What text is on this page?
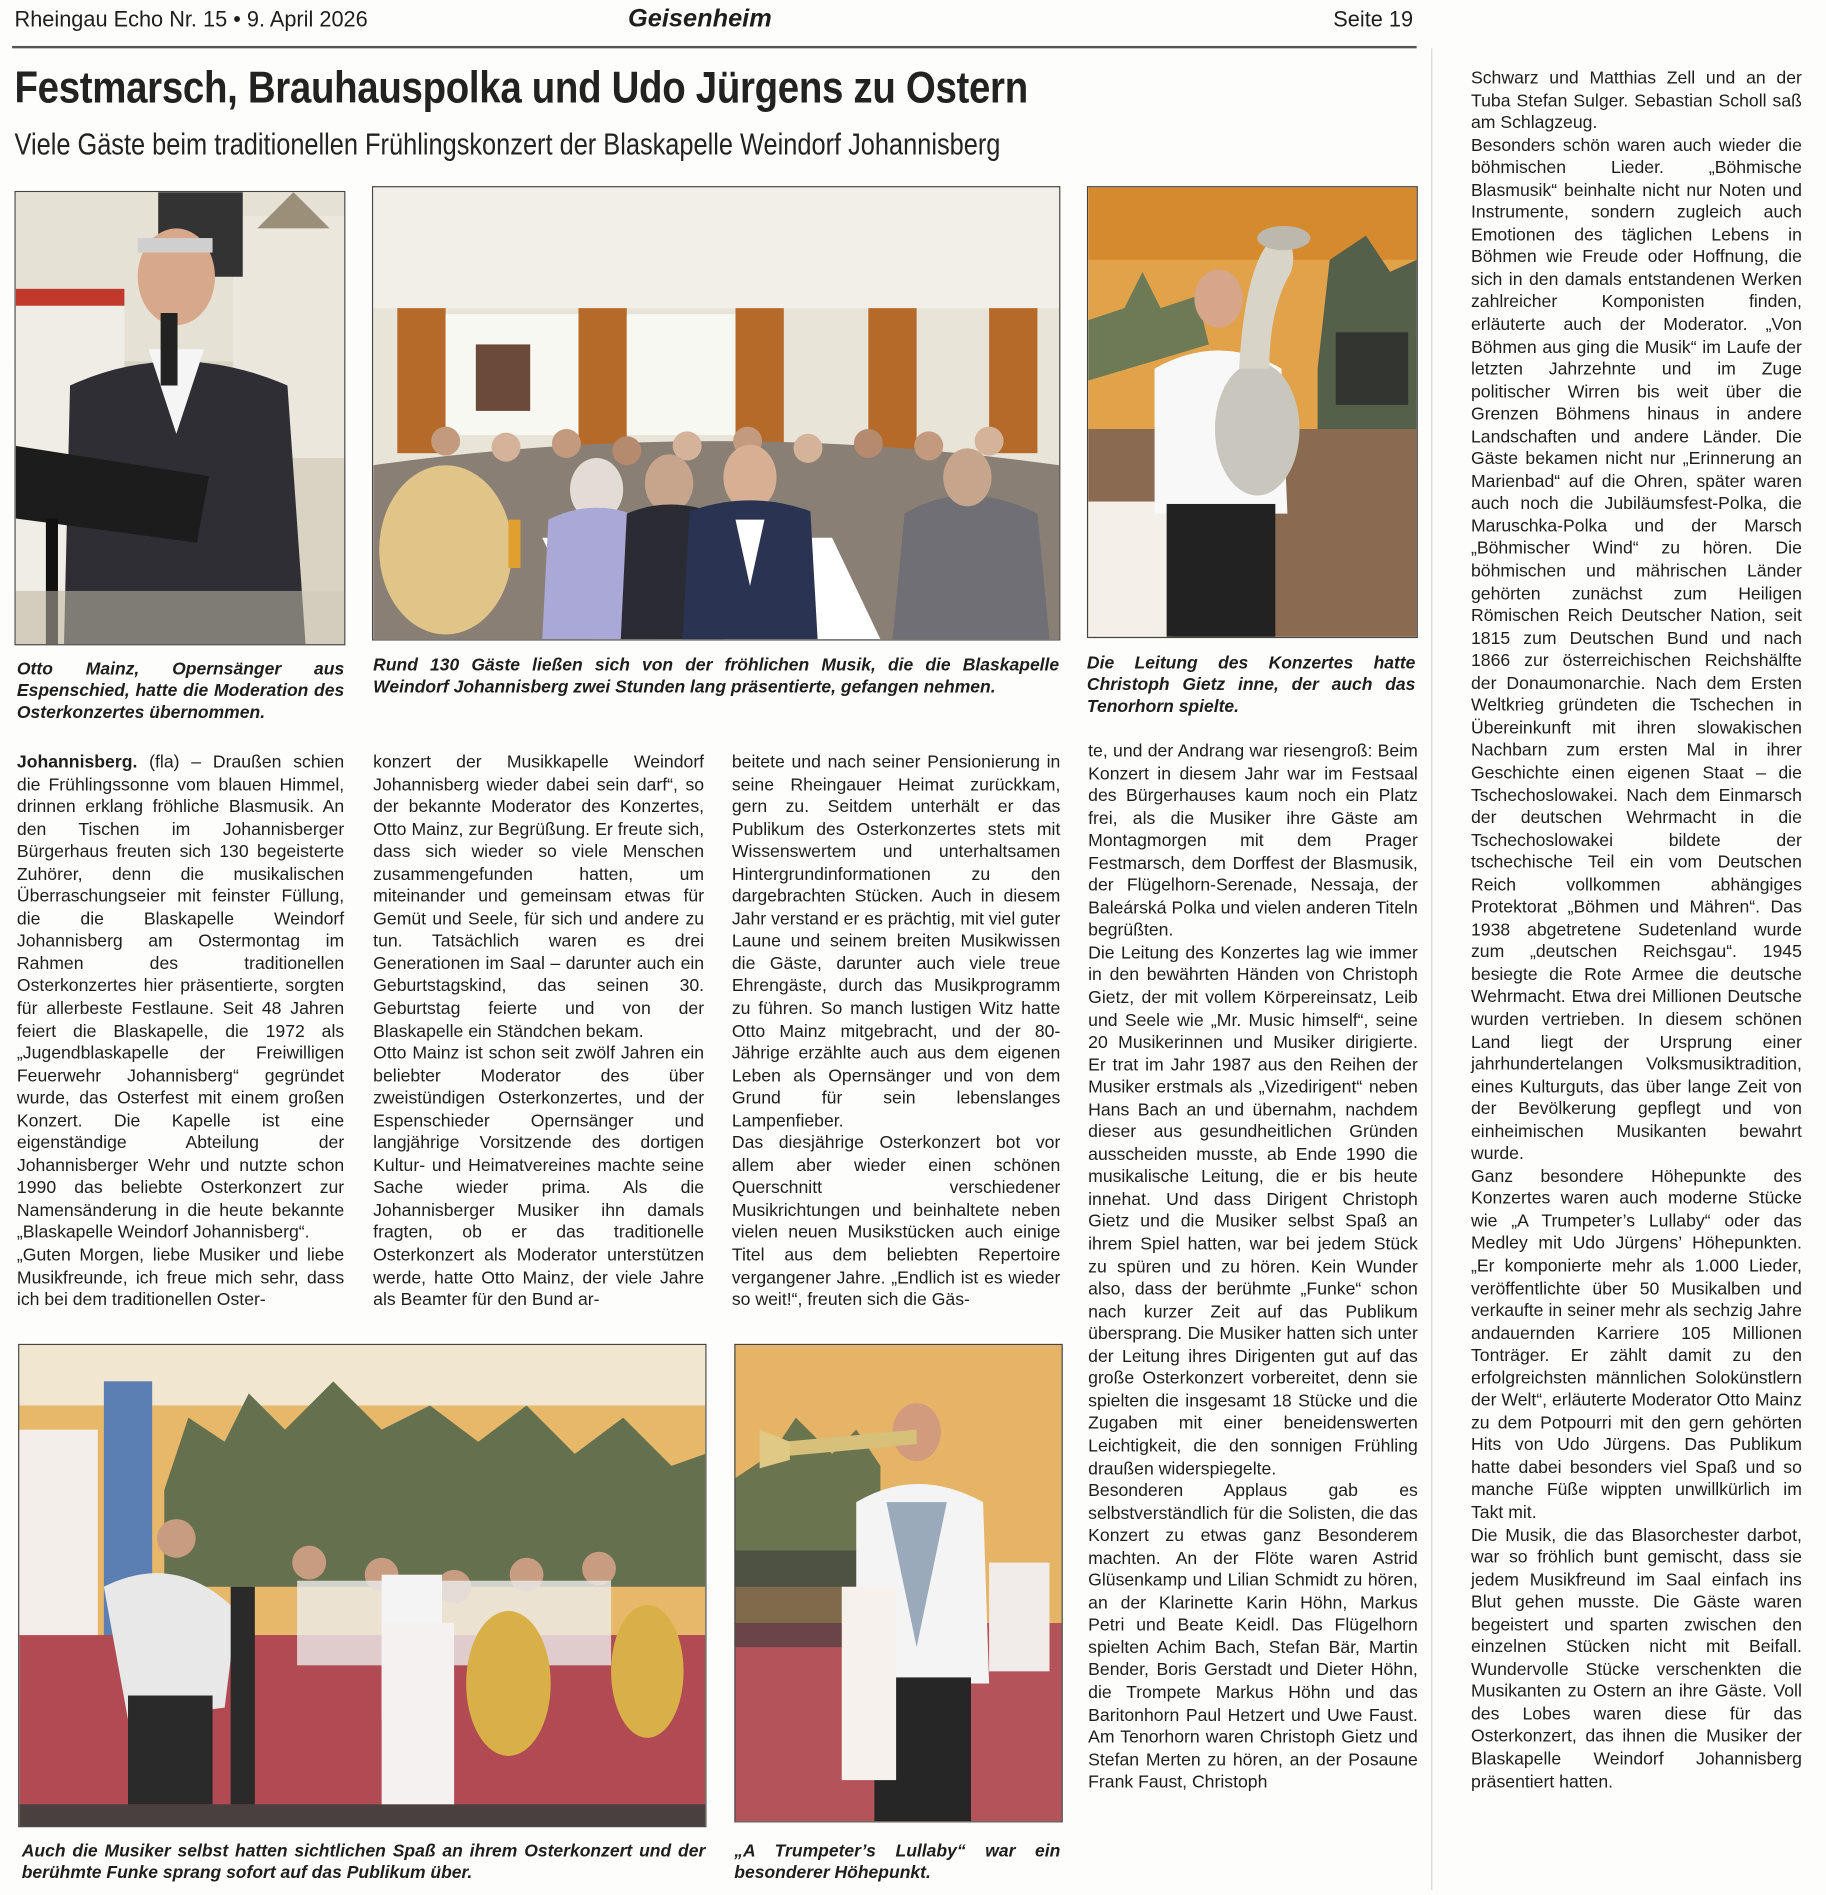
Rheingau Echo Nr. 15 • 9. April 2026	Geisenheim	Seite 19
Festmarsch, Brauhauspolka und Udo Jürgens zu Ostern
Viele Gäste beim traditionellen Frühlingskonzert der Blaskapelle Weindorf Johannisberg
Otto Mainz, Opernsänger aus Espenschied, hatte die Moderation des Osterkonzertes übernommen.
Rund 130 Gäste ließen sich von der fröhlichen Musik, die die Blaskapelle Weindorf Johannisberg zwei Stunden lang präsentierte, gefangen nehmen.
Die Leitung des Konzertes hatte Christoph Gietz inne, der auch das Tenorhorn spielte.

Johannisberg. (fla) – Draußen schien die Frühlingssonne vom blauen Himmel, drinnen erklang fröhliche Blasmusik. An den Tischen im Johannisberger Bürgerhaus freuten sich 130 begeisterte Zuhörer, denn die musikalischen Überraschungseier mit feinster Füllung, die die Blaskapelle Weindorf Johannisberg am Ostermontag im Rahmen des traditionellen Osterkonzertes hier präsentierte, sorgten für allerbeste Festlaune. Seit 48 Jahren feiert die Blaskapelle, die 1972 als „Jugendblaskapelle der Freiwilligen Feuerwehr Johannisberg“ gegründet wurde, das Osterfest mit einem großen Konzert. Die Kapelle ist eine eigenständige Abteilung der Johannisberger Wehr und nutzte schon 1990 das beliebte Osterkonzert zur Namensänderung in die heute bekannte „Blaskapelle Weindorf Johannisberg“.

„Guten Morgen, liebe Musiker und liebe Musikfreunde, ich freue mich sehr, dass ich bei dem traditionellen Oster-

konzert der Musikkapelle Weindorf Johannisberg wieder dabei sein darf“, so der bekannte Moderator des Konzertes, Otto Mainz, zur Begrüßung. Er freute sich, dass sich wieder so viele Menschen zusammengefunden hatten, um miteinander und gemeinsam etwas für Gemüt und Seele, für sich und andere zu tun. Tatsächlich waren es drei Generationen im Saal – darunter auch ein Geburtstagskind, das seinen 30. Geburtstag feierte und von der Blaskapelle ein Ständchen bekam.

Otto Mainz ist schon seit zwölf Jahren ein beliebter Moderator des über zweistündigen Osterkonzertes, und der Espenschieder Opernsänger und langjährige Vorsitzende des dortigen Kultur- und Heimatvereines machte seine Sache wieder prima. Als die Johannisberger Musiker ihn damals fragten, ob er das traditionelle Osterkonzert als Moderator unterstützen werde, hatte Otto Mainz, der viele Jahre als Beamter für den Bund ar-

beitete und nach seiner Pensionierung in seine Rheingauer Heimat zurückkam, gern zu. Seitdem unterhält er das Publikum des Osterkonzertes stets mit Wissenswertem und unterhaltsamen Hintergrundinformationen zu den dargebrachten Stücken. Auch in diesem Jahr verstand er es prächtig, mit viel guter Laune und seinem breiten Musikwissen die Gäste, darunter auch viele treue Ehrengäste, durch das Musikprogramm zu führen. So manch lustigen Witz hatte Otto Mainz mitgebracht, und der 80-Jährige erzählte auch aus dem eigenen Leben als Opernsänger und von dem Grund für sein lebenslanges Lampenfieber.

Das diesjährige Osterkonzert bot vor allem aber wieder einen schönen Querschnitt verschiedener Musikrichtungen und beinhaltete neben vielen neuen Musikstücken auch einige Titel aus dem beliebten Repertoire vergangener Jahre. „Endlich ist es wieder so weit!“, freuten sich die Gäs-

Auch die Musiker selbst hatten sichtlichen Spaß an ihrem Osterkonzert und der berühmte Funke sprang sofort auf das Publikum über.
„A Trumpeter’s Lullaby“ war ein besonderer Höhepunkt.

te, und der Andrang war riesengroß: Beim Konzert in diesem Jahr war im Festsaal des Bürgerhauses kaum noch ein Platz frei, als die Musiker ihre Gäste am Montagmorgen mit dem Prager Festmarsch, dem Dorffest der Blasmusik, der Flügelhorn-Serenade, Nessaja, der Baleárská Polka und vielen anderen Titeln begrüßten.

Die Leitung des Konzertes lag wie immer in den bewährten Händen von Christoph Gietz, der mit vollem Körpereinsatz, Leib und Seele wie „Mr. Music himself“, seine 20 Musikerinnen und Musiker dirigierte. Er trat im Jahr 1987 aus den Reihen der Musiker erstmals als „Vizedirigent“ neben Hans Bach an und übernahm, nachdem dieser aus gesundheitlichen Gründen ausscheiden musste, ab Ende 1990 die musikalische Leitung, die er bis heute innehat. Und dass Dirigent Christoph Gietz und die Musiker selbst Spaß an ihrem Spiel hatten, war bei jedem Stück zu spüren und zu hören. Kein Wunder also, dass der berühmte „Funke“ schon nach kurzer Zeit auf das Publikum übersprang. Die Musiker hatten sich unter der Leitung ihres Dirigenten gut auf das große Osterkonzert vorbereitet, denn sie spielten die insgesamt 18 Stücke und die Zugaben mit einer beneidenswerten Leichtigkeit, die den sonnigen Frühling draußen widerspiegelte.

Besonderen Applaus gab es selbstverständlich für die Solisten, die das Konzert zu etwas ganz Besonderem machten. An der Flöte waren Astrid Glüsenkamp und Lilian Schmidt zu hören, an der Klarinette Karin Höhn, Markus Petri und Beate Keidl. Das Flügelhorn spielten Achim Bach, Stefan Bär, Martin Bender, Boris Gerstadt und Dieter Höhn, die Trompete Markus Höhn und das Baritonhorn Paul Hetzert und Uwe Faust. Am Tenorhorn waren Christoph Gietz und Stefan Merten zu hören, an der Posaune Frank Faust, Christoph

Schwarz und Matthias Zell und an der Tuba Stefan Sulger. Sebastian Scholl saß am Schlagzeug.

Besonders schön waren auch wieder die böhmischen Lieder. „Böhmische Blasmusik“ beinhalte nicht nur Noten und Instrumente, sondern zugleich auch Emotionen des täglichen Lebens in Böhmen wie Freude oder Hoffnung, die sich in den damals entstandenen Werken zahlreicher Komponisten finden, erläuterte auch der Moderator. „Von Böhmen aus ging die Musik“ im Laufe der letzten Jahrzehnte und im Zuge politischer Wirren bis weit über die Grenzen Böhmens hinaus in andere Landschaften und andere Länder. Die Gäste bekamen nicht nur „Erinnerung an Marienbad“ auf die Ohren, später waren auch noch die Jubiläumsfest-Polka, die Maruschka-Polka und der Marsch „Böhmischer Wind“ zu hören. Die böhmischen und mährischen Länder gehörten zunächst zum Heiligen Römischen Reich Deutscher Nation, seit 1815 zum Deutschen Bund und nach 1866 zur österreichischen Reichshälfte der Donaumonarchie. Nach dem Ersten Weltkrieg gründeten die Tschechen in Übereinkunft mit ihren slowakischen Nachbarn zum ersten Mal in ihrer Geschichte einen eigenen Staat – die Tschechoslowakei. Nach dem Einmarsch der deutschen Wehrmacht in die Tschechoslowakei bildete der tschechische Teil ein vom Deutschen Reich vollkommen abhängiges Protektorat „Böhmen und Mähren“. Das 1938 abgetretene Sudetenland wurde zum „deutschen Reichsgau“. 1945 besiegte die Rote Armee die deutsche Wehrmacht. Etwa drei Millionen Deutsche wurden vertrieben. In diesem schönen Land liegt der Ursprung einer jahrhundertelangen Volksmusiktradition, eines Kulturguts, das über lange Zeit von der Bevölkerung gepflegt und von einheimischen Musikanten bewahrt wurde.

Ganz besondere Höhepunkte des Konzertes waren auch moderne Stücke wie „A Trumpeter’s Lullaby“ oder das Medley mit Udo Jürgens’ Höhepunkten. „Er komponierte mehr als 1.000 Lieder, veröffentlichte über 50 Musikalben und verkaufte in seiner mehr als sechzig Jahre andauernden Karriere 105 Millionen Tonträger. Er zählt damit zu den erfolgreichsten männlichen Solokünstlern der Welt“, erläuterte Moderator Otto Mainz zu dem Potpourri mit den gern gehörten Hits von Udo Jürgens. Das Publikum hatte dabei besonders viel Spaß und so manche Füße wippten unwillkürlich im Takt mit.

Die Musik, die das Blasorchester darbot, war so fröhlich bunt gemischt, dass sie jedem Musikfreund im Saal einfach ins Blut gehen musste. Die Gäste waren begeistert und sparten zwischen den einzelnen Stücken nicht mit Beifall. Wundervolle Stücke verschenkten die Musikanten zu Ostern an ihre Gäste. Voll des Lobes waren diese für das Osterkonzert, das ihnen die Musiker der Blaskapelle Weindorf Johannisberg präsentiert hatten.
